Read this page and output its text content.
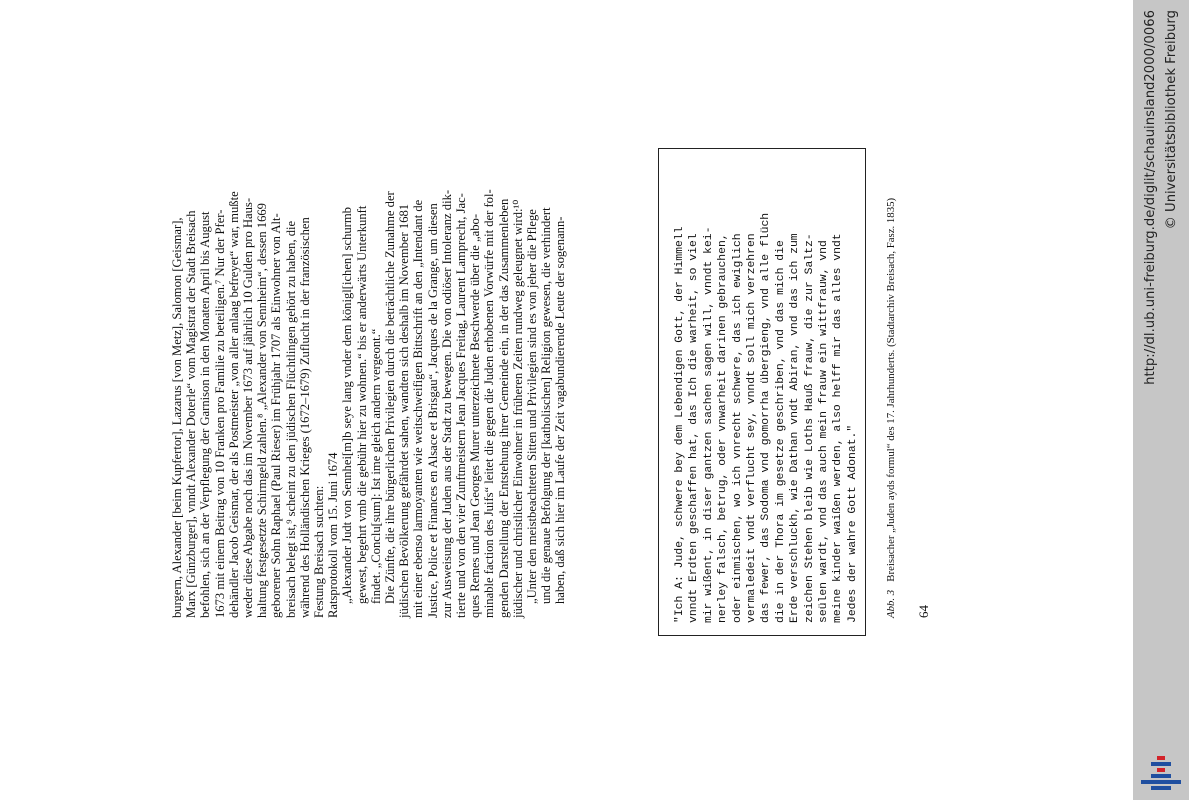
burgern, Alexander [beim Kupfertor], Lazarus [von Metz], Salomon [Geismar], Marx [Günzburger], vnndt Alexander Doterle“ vom Magistrat der Stadt Breisach befohlen, sich an der Verpflegung der Garnison in den Monaten April bis August 1673 mit einem Beitrag von 10 Franken pro Familie zu beteiligen.⁷ Nur der Pfer- dehändler Jacob Geismar, der als Postmeister „von aller anlaag befreyet“ war, mußte weder diese Abgabe noch das im November 1673 auf jährlich 10 Gulden pro Haus- haltung festgesetzte Schirmgeld zahlen.⁸ „Alexander von Sennheim“, dessen 1669 geborener Sohn Raphael (Paul Rieser) im Frühjahr 1707 als Einwohner von Alt- breisach belegt ist,⁹ scheint zu den jüdischen Flüchtlingen gehört zu haben, die während des Holländischen Krieges (1672–1679) Zuflucht in der französischen Festung Breisach suchten: Ratsprotokoll vom 15. Juni 1674 „Alexander Judt von Sennhei[m]b seye lang vnder dem königl[ichen] schurmb gewest, begehrt vmb die gebühr hier zu wohnen.“ bis er anderwärts Unterkunft findet. „Conclu[sum]: Ist ime gleich andern vergeont.“ Die Zünfte, die ihre bürgerlichen Privilegien durch die beträchtliche Zunahme der jüdischen Bevölkerung gefährdet sahen, wandten sich deshalb im November 1681 mit einer ebenso larmoyanten wie weitschweifigen Bittschrift an den „Intendant de Justice, Police et Finances en Alsace et Brisgau“, Jacques de la Grange, um diesen zur Ausweisung der Juden aus der Stadt zu bewegen. Die von odiöser Intoleranz dik- tierte und von den vier Zunftmeistern Jean Jacques Freitag, Laurent Lamprecht, Jac- ques Remes und Jean Georges Murer unterzeichnete Beschwerde über die „abo- minable faction des Juifs“ leitet die gegen die Juden erhobenen Vorwürfe mit der fol- genden Darstellung der Entstehung ihrer Gemeinde ein, in der das Zusammenleben jüdischer und christlicher Einwohner in früheren Zeiten rundweg geleugnet wird:¹⁰ „Unter den meistbeachteten Sitten und Privilegien sind es von jeher die Pflege und die genaue Befolgung der [katholischen] Religion gewesen, die verhindert haben, daß sich hier im Laufe der Zeit vagabundierende Leute der sogenann-	"Ich A: Jude, schwere bey dem Lebendigen Gott, der Himmell vnndt Erdten geschaffen hat, das Ich die warheit, so viel mir wißent, in diser gantzen sachen sagen will, vnndt kei- nerley falsch, betrug, oder vnwarheit darinen gebrauchen, oder einmischen, wo ich vnrecht schwere, das ich ewiglich vermaledeit vndt verflucht sey, vnndt soll mich verzehren das fewer, das Sodoma vnd gomorrha übergieng, vnd alle flüch die in der Thora im gesetze geschriben, vnd das mich die Erde verschluckh, wie Dathan vndt Abiran, vnd das ich zum zeichen Stehen bleib wie Loths Hauß frauw, die zur Saltz- seülen wardt, vnd das auch mein frauw ein wittfrauw, vnd meine kinder waißen werden, also helff mir das alles vndt Jedes der wahre Gott Adonat." Abb. 3   Breisacher „Juden ayds formul“ des 17. Jahrhunderts. (Stadtarchiv Breisach, Fasz. 1835)
64
http://dl.ub.uni-freiburg.de/diglit/schauinsland2000/0066 © Universitätsbibliothek Freiburg
